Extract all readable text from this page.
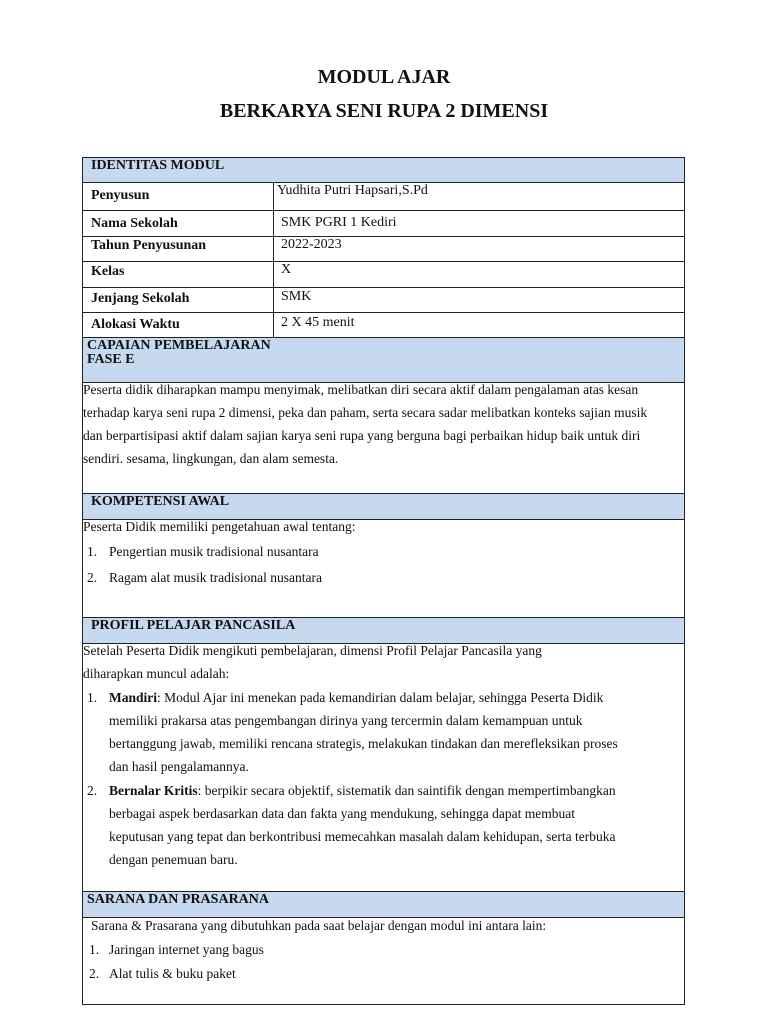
MODUL AJAR
BERKARYA SENI RUPA 2 DIMENSI
IDENTITAS MODUL
Penyusun	Yudhita Putri Hapsari,S.Pd
Nama Sekolah	SMK PGRI 1 Kediri
Tahun Penyusunan	2022-2023
Kelas	X
Jenjang Sekolah	SMK
Alokasi Waktu	2 X 45 menit
CAPAIAN PEMBELAJARAN
FASE E
Peserta didik diharapkan mampu menyimak, melibatkan diri secara aktif dalam pengalaman atas kesan
terhadap karya seni rupa 2 dimensi, peka dan paham, serta secara sadar melibatkan konteks sajian musik
dan berpartisipasi aktif dalam sajian karya seni rupa yang berguna bagi perbaikan hidup baik untuk diri
sendiri. sesama, lingkungan, dan alam semesta.
KOMPETENSI AWAL
Peserta Didik memiliki pengetahuan awal tentang:
1. Pengertian musik tradisional nusantara
2. Ragam alat musik tradisional nusantara
PROFIL PELAJAR PANCASILA
Setelah Peserta Didik mengikuti pembelajaran, dimensi Profil Pelajar Pancasila yang
diharapkan muncul adalah:
1. Mandiri: Modul Ajar ini menekan pada kemandirian dalam belajar, sehingga Peserta Didik
memiliki prakarsa atas pengembangan dirinya yang tercermin dalam kemampuan untuk
bertanggung jawab, memiliki rencana strategis, melakukan tindakan dan merefleksikan proses
dan hasil pengalamannya.
2. Bernalar Kritis: berpikir secara objektif, sistematik dan saintifik dengan mempertimbangkan
berbagai aspek berdasarkan data dan fakta yang mendukung, sehingga dapat membuat
keputusan yang tepat dan berkontribusi memecahkan masalah dalam kehidupan, serta terbuka
dengan penemuan baru.
SARANA DAN PRASARANA
Sarana & Prasarana yang dibutuhkan pada saat belajar dengan modul ini antara lain:
1. Jaringan internet yang bagus
2. Alat tulis & buku paket
